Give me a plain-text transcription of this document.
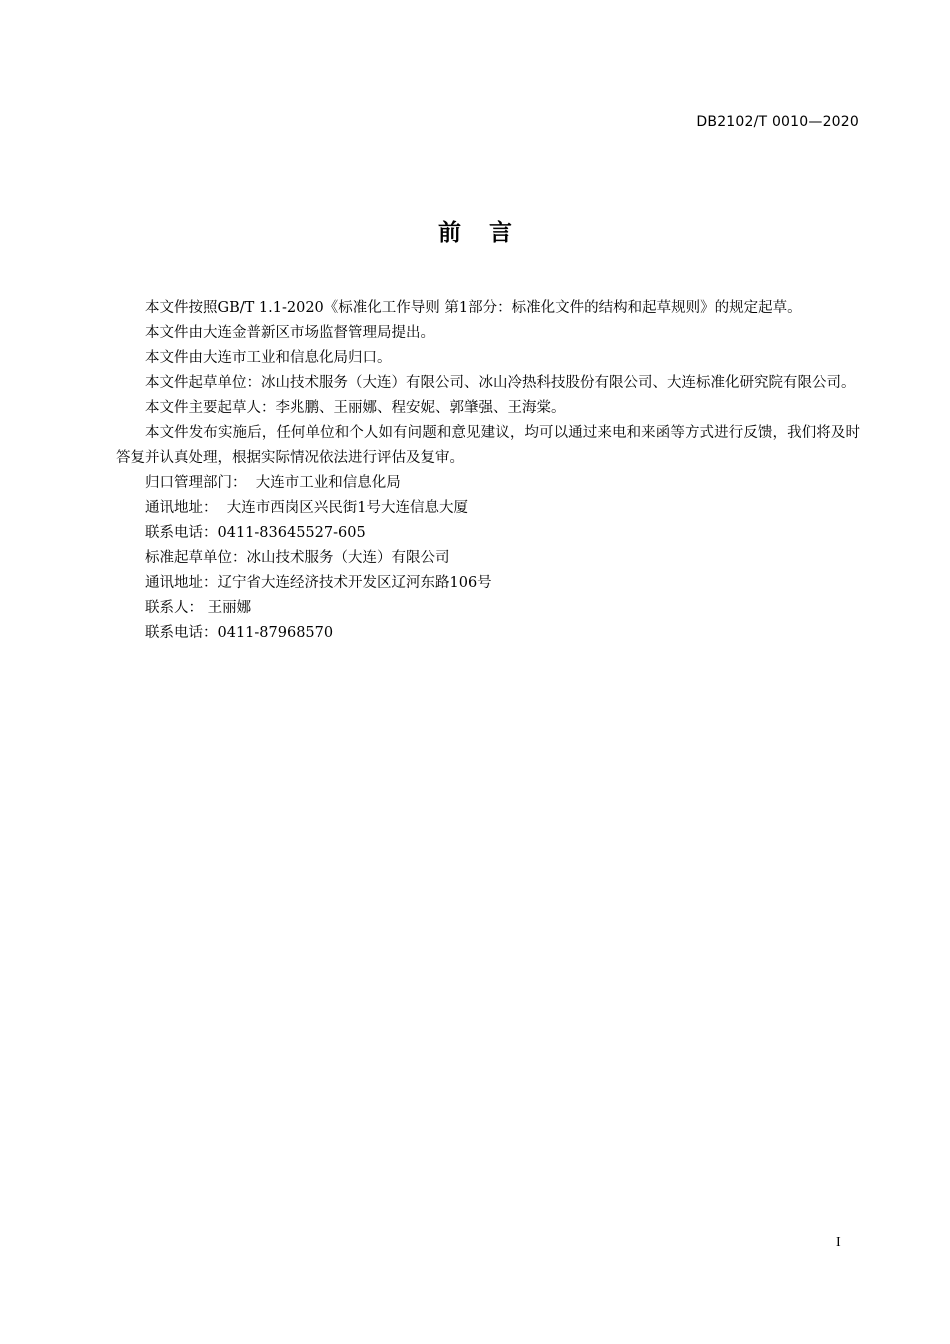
DB2102/T 0010—2020
前 言

本文件按照GB/T 1.1-2020《标准化工作导则 第1部分：标准化文件的结构和起草规则》的规定起草。

本文件由大连金普新区市场监督管理局提出。

本文件由大连市工业和信息化局归口。

本文件起草单位：冰山技术服务（大连）有限公司、冰山冷热科技股份有限公司、大连标准化研究院有限公司。

本文件主要起草人：李兆鹏、王丽娜、程安妮、郭肇强、王海棠。

本文件发布实施后，任何单位和个人如有问题和意见建议，均可以通过来电和来函等方式进行反馈，我们将及时答复并认真处理，根据实际情况依法进行评估及复审。

归口管理部门：  大连市工业和信息化局

通讯地址：  大连市西岗区兴民街1号大连信息大厦

联系电话：0411-83645527-605

标准起草单位：冰山技术服务（大连）有限公司

通讯地址：辽宁省大连经济技术开发区辽河东路106号

联系人： 王丽娜

联系电话：0411-87968570

I
